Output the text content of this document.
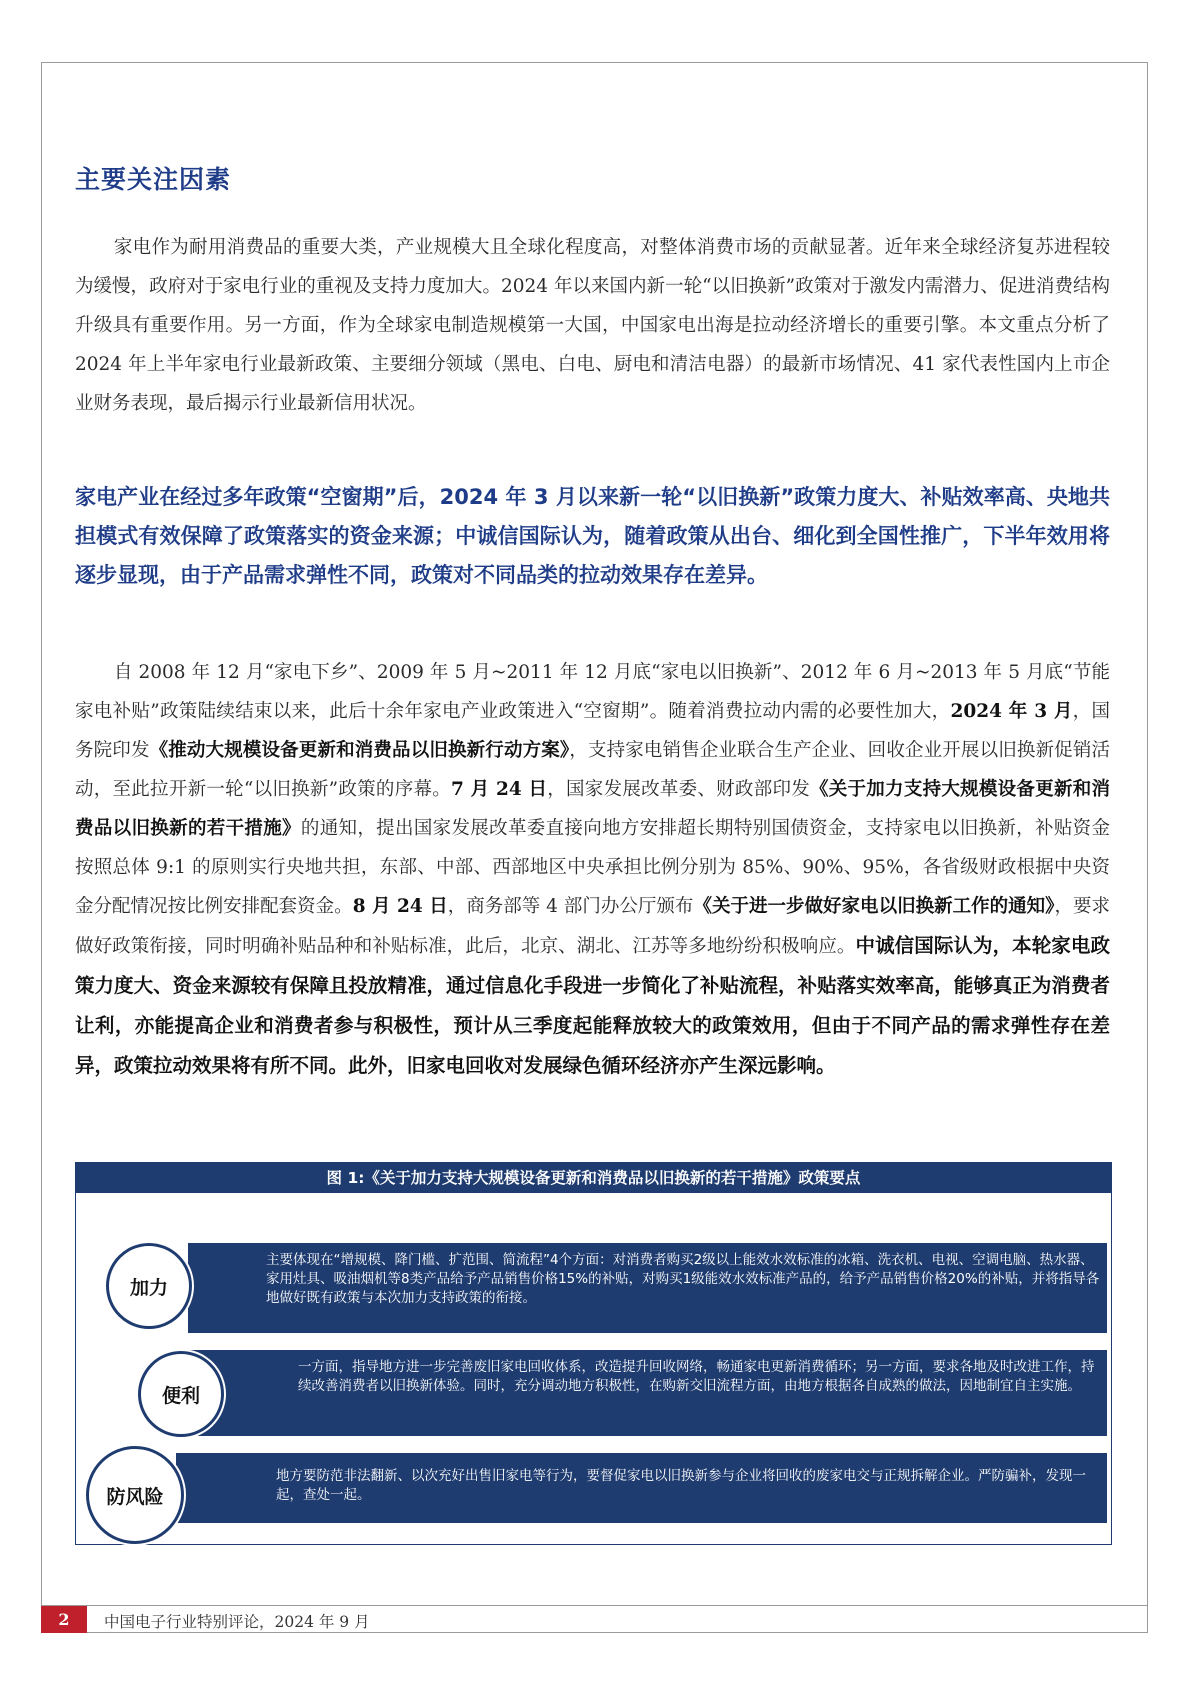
主要关注因素

家电作为耐用消费品的重要大类，产业规模大且全球化程度高，对整体消费市场的贡献显著。近年来全球经济复苏进程较为缓慢，政府对于家电行业的重视及支持力度加大。2024 年以来国内新一轮“以旧换新”政策对于激发内需潜力、促进消费结构升级具有重要作用。另一方面，作为全球家电制造规模第一大国，中国家电出海是拉动经济增长的重要引擎。本文重点分析了 2024 年上半年家电行业最新政策、主要细分领域（黑电、白电、厨电和清洁电器）的最新市场情况、41 家代表性国内上市企业财务表现，最后揭示行业最新信用状况。

家电产业在经过多年政策“空窗期”后，2024 年 3 月以来新一轮“以旧换新”政策力度大、补贴效率高、央地共担模式有效保障了政策落实的资金来源；中诚信国际认为，随着政策从出台、细化到全国性推广，下半年效用将逐步显现，由于产品需求弹性不同，政策对不同品类的拉动效果存在差异。

自 2008 年 12 月“家电下乡”、2009 年 5 月~2011 年 12 月底“家电以旧换新”、2012 年 6 月~2013 年 5 月底“节能家电补贴”政策陆续结束以来，此后十余年家电产业政策进入“空窗期”。随着消费拉动内需的必要性加大，2024 年 3 月，国务院印发《推动大规模设备更新和消费品以旧换新行动方案》，支持家电销售企业联合生产企业、回收企业开展以旧换新促销活动，至此拉开新一轮“以旧换新”政策的序幕。7 月 24 日，国家发展改革委、财政部印发《关于加力支持大规模设备更新和消费品以旧换新的若干措施》的通知，提出国家发展改革委直接向地方安排超长期特别国债资金，支持家电以旧换新，补贴资金按照总体 9:1 的原则实行央地共担，东部、中部、西部地区中央承担比例分别为 85%、90%、95%，各省级财政根据中央资金分配情况按比例安排配套资金。8 月 24 日，商务部等 4 部门办公厅颁布《关于进一步做好家电以旧换新工作的通知》，要求做好政策衔接，同时明确补贴品种和补贴标准，此后，北京、湖北、江苏等多地纷纷积极响应。中诚信国际认为，本轮家电政策力度大、资金来源较有保障且投放精准，通过信息化手段进一步简化了补贴流程，补贴落实效率高，能够真正为消费者让利，亦能提高企业和消费者参与积极性，预计从三季度起能释放较大的政策效用，但由于不同产品的需求弹性存在差异，政策拉动效果将有所不同。此外，旧家电回收对发展绿色循环经济亦产生深远影响。

图 1:《关于加力支持大规模设备更新和消费品以旧换新的若干措施》政策要点
主要体现在“增规模、降门槛、扩范围、简流程”4个方面：对消费者购买2级以上能效水效标准的冰箱、洗衣机、电视、空调电脑、热水器、家用灶具、吸油烟机等8类产品给予产品销售价格15%的补贴，对购买1级能效水效标准产品的，给予产品销售价格20%的补贴，并将指导各地做好既有政策与本次加力支持政策的衔接。
加力
一方面，指导地方进一步完善废旧家电回收体系，改造提升回收网络，畅通家电更新消费循环；另一方面，要求各地及时改进工作，持续改善消费者以旧换新体验。同时，充分调动地方积极性，在购新交旧流程方面，由地方根据各自成熟的做法，因地制宜自主实施。
便利
地方要防范非法翻新、以次充好出售旧家电等行为，要督促家电以旧换新参与企业将回收的废家电交与正规拆解企业。严防骗补，发现一起，查处一起。
防风险
2	中国电子行业特别评论，2024 年 9 月
